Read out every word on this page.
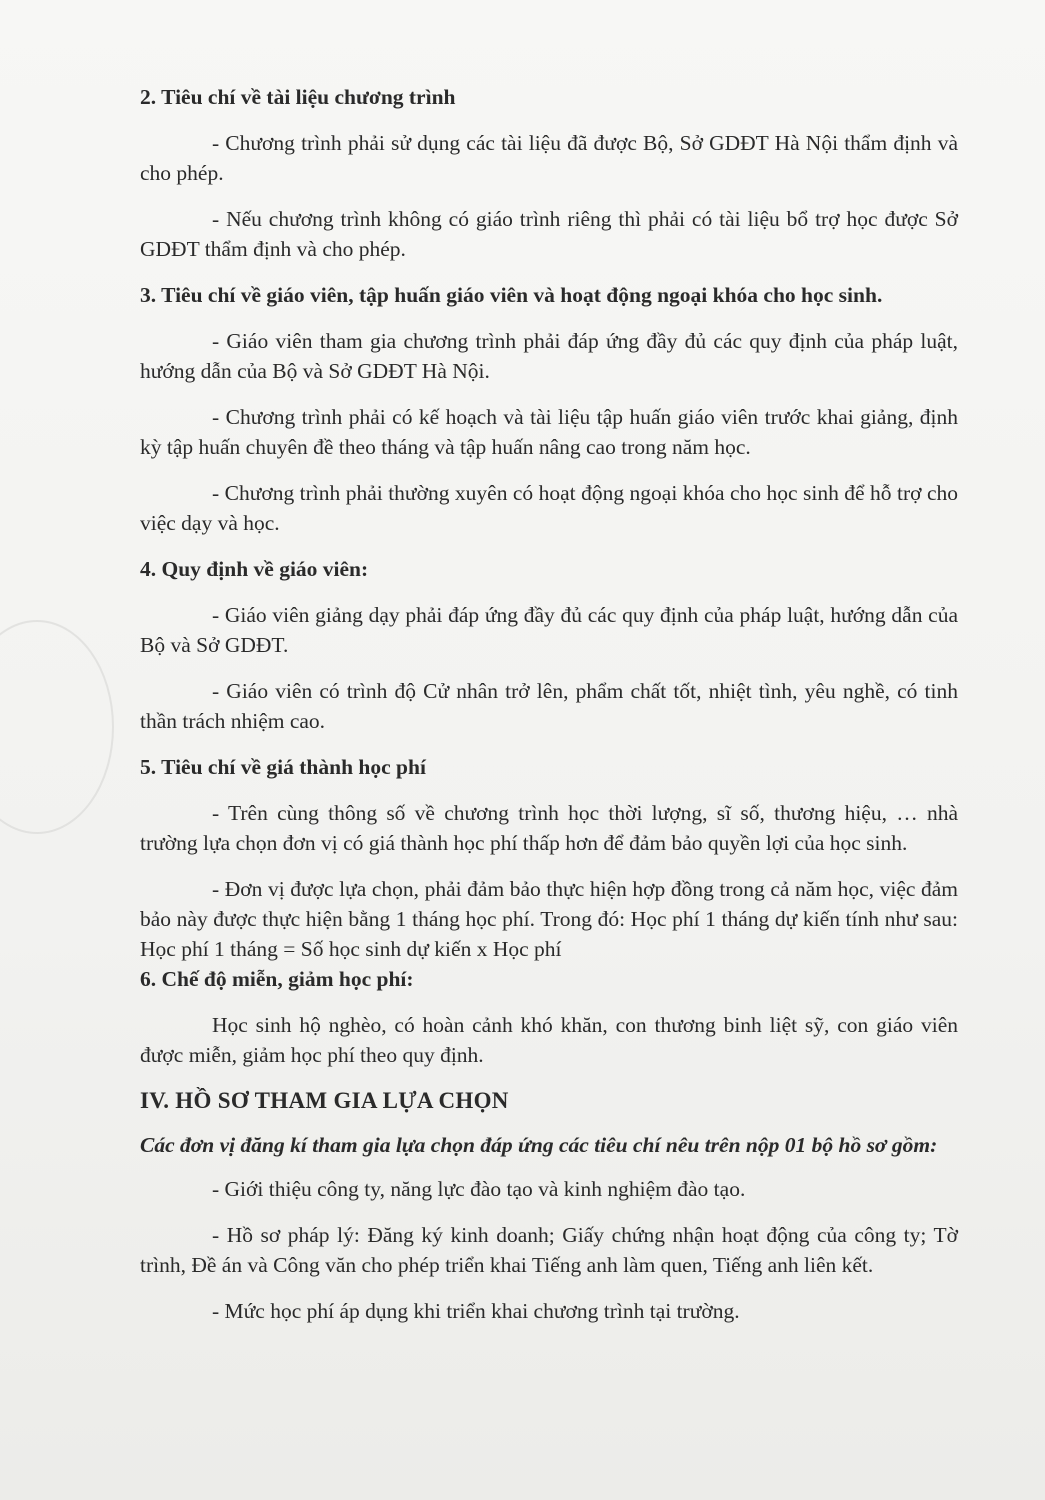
2. Tiêu chí về tài liệu chương trình

- Chương trình phải sử dụng các tài liệu đã được Bộ, Sở GDĐT Hà Nội thẩm định và cho phép.

- Nếu chương trình không có giáo trình riêng thì phải có tài liệu bổ trợ học được Sở GDĐT thẩm định và cho phép.

3. Tiêu chí về giáo viên, tập huấn giáo viên và hoạt động ngoại khóa cho học sinh.

- Giáo viên tham gia chương trình phải đáp ứng đầy đủ các quy định của pháp luật, hướng dẫn của Bộ và Sở GDĐT Hà Nội.

- Chương trình phải có kế hoạch và tài liệu tập huấn giáo viên trước khai giảng, định kỳ tập huấn chuyên đề theo tháng và tập huấn nâng cao trong năm học.

- Chương trình phải thường xuyên có hoạt động ngoại khóa cho học sinh để hỗ trợ cho việc dạy và học.

4. Quy định về giáo viên:

- Giáo viên giảng dạy phải đáp ứng đầy đủ các quy định của pháp luật, hướng dẫn của Bộ và Sở GDĐT.

- Giáo viên có trình độ Cử nhân trở lên, phẩm chất tốt, nhiệt tình, yêu nghề, có tinh thần trách nhiệm cao.

5. Tiêu chí về giá thành học phí

- Trên cùng thông số về chương trình học thời lượng, sĩ số, thương hiệu, … nhà trường lựa chọn đơn vị có giá thành học phí thấp hơn để đảm bảo quyền lợi của học sinh.

- Đơn vị được lựa chọn, phải đảm bảo thực hiện hợp đồng trong cả năm học, việc đảm bảo này được thực hiện bằng 1 tháng học phí. Trong đó: Học phí 1 tháng dự kiến tính như sau: Học phí 1 tháng = Số học sinh dự kiến x Học phí

6. Chế độ miễn, giảm học phí:

Học sinh hộ nghèo, có hoàn cảnh khó khăn, con thương binh liệt sỹ, con giáo viên được miễn, giảm học phí theo quy định.

IV. HỒ SƠ THAM GIA LỰA CHỌN
Các đơn vị đăng kí tham gia lựa chọn đáp ứng các tiêu chí nêu trên nộp 01 bộ hồ sơ gồm:

- Giới thiệu công ty, năng lực đào tạo và kinh nghiệm đào tạo.

- Hồ sơ pháp lý: Đăng ký kinh doanh; Giấy chứng nhận hoạt động của công ty; Tờ trình, Đề án và Công văn cho phép triển khai Tiếng anh làm quen, Tiếng anh liên kết.

- Mức học phí áp dụng khi triển khai chương trình tại trường.
